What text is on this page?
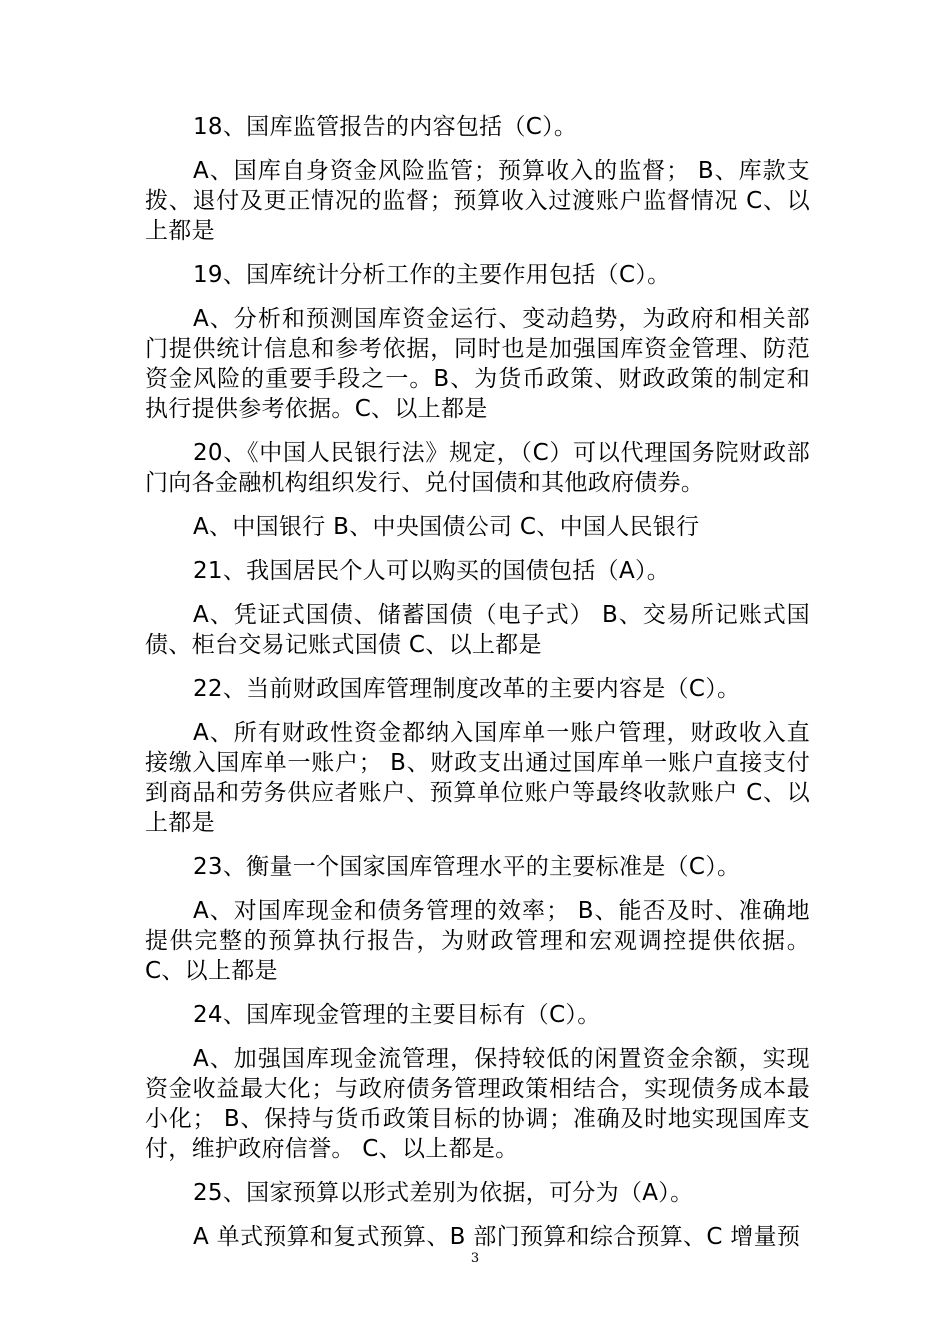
18、国库监管报告的内容包括（C）。

A、国库自身资金风险监管；预算收入的监督； B、库款支拨、退付及更正情况的监督；预算收入过渡账户监督情况 C、以上都是

19、国库统计分析工作的主要作用包括（C）。

A、分析和预测国库资金运行、变动趋势，为政府和相关部门提供统计信息和参考依据，同时也是加强国库资金管理、防范资金风险的重要手段之一。B、为货币政策、财政政策的制定和执行提供参考依据。C、以上都是

20、《中国人民银行法》规定，（C）可以代理国务院财政部门向各金融机构组织发行、兑付国债和其他政府债券。

A、中国银行 B、中央国债公司 C、中国人民银行

21、我国居民个人可以购买的国债包括（A）。

A、凭证式国债、储蓄国债（电子式） B、交易所记账式国债、柜台交易记账式国债 C、以上都是

22、当前财政国库管理制度改革的主要内容是（C）。

A、所有财政性资金都纳入国库单一账户管理，财政收入直接缴入国库单一账户； B、财政支出通过国库单一账户直接支付到商品和劳务供应者账户、预算单位账户等最终收款账户 C、以上都是

23、衡量一个国家国库管理水平的主要标准是（C）。

A、对国库现金和债务管理的效率； B、能否及时、准确地提供完整的预算执行报告，为财政管理和宏观调控提供依据。C、以上都是

24、国库现金管理的主要目标有（C）。

A、加强国库现金流管理，保持较低的闲置资金余额，实现资金收益最大化；与政府债务管理政策相结合，实现债务成本最小化； B、保持与货币政策目标的协调；准确及时地实现国库支付，维护政府信誉。 C、以上都是。

25、国家预算以形式差别为依据，可分为（A）。

A 单式预算和复式预算、B 部门预算和综合预算、C 增量预

3
